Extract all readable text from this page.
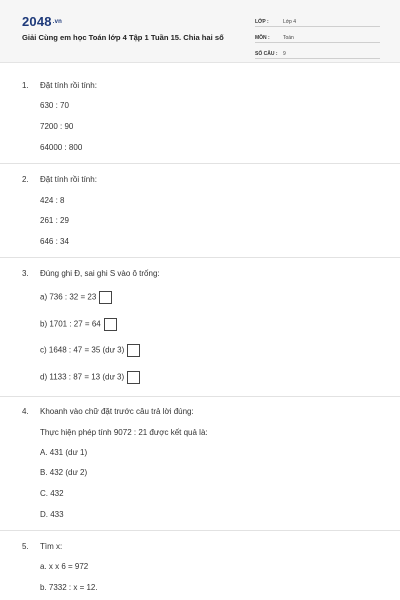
$2048^{.vn}$
Giải Cùng em học Toán lớp 4 Tập 1 Tuần 15. Chia hai số
LỚP :	Lớp 4
MÔN :	Toán
SỐ CÂU : 9
1. Đặt tính rồi tính:
630 : 70
7200 : 90
64000 : 800
2. Đặt tính rồi tính:
424 : 8
261 : 29
646 : 34
3. Đúng ghi Đ, sai ghi S vào ô trống:
a) 736 : 32 = 23
b) 1701 : 27 = 64
c) 1648 : 47 = 35 (dư 3)
d) 1133 : 87 = 13 (dư 3)
4. Khoanh vào chữ đặt trước câu trả lời đúng:
Thực hiện phép tính 9072 : 21 được kết quả là:
A. 431 (dư 1)
B. 432 (dư 2)
C. 432
D. 433
5. Tìm x:
a. x x 6 = 972
b. 7332 : x = 12.
